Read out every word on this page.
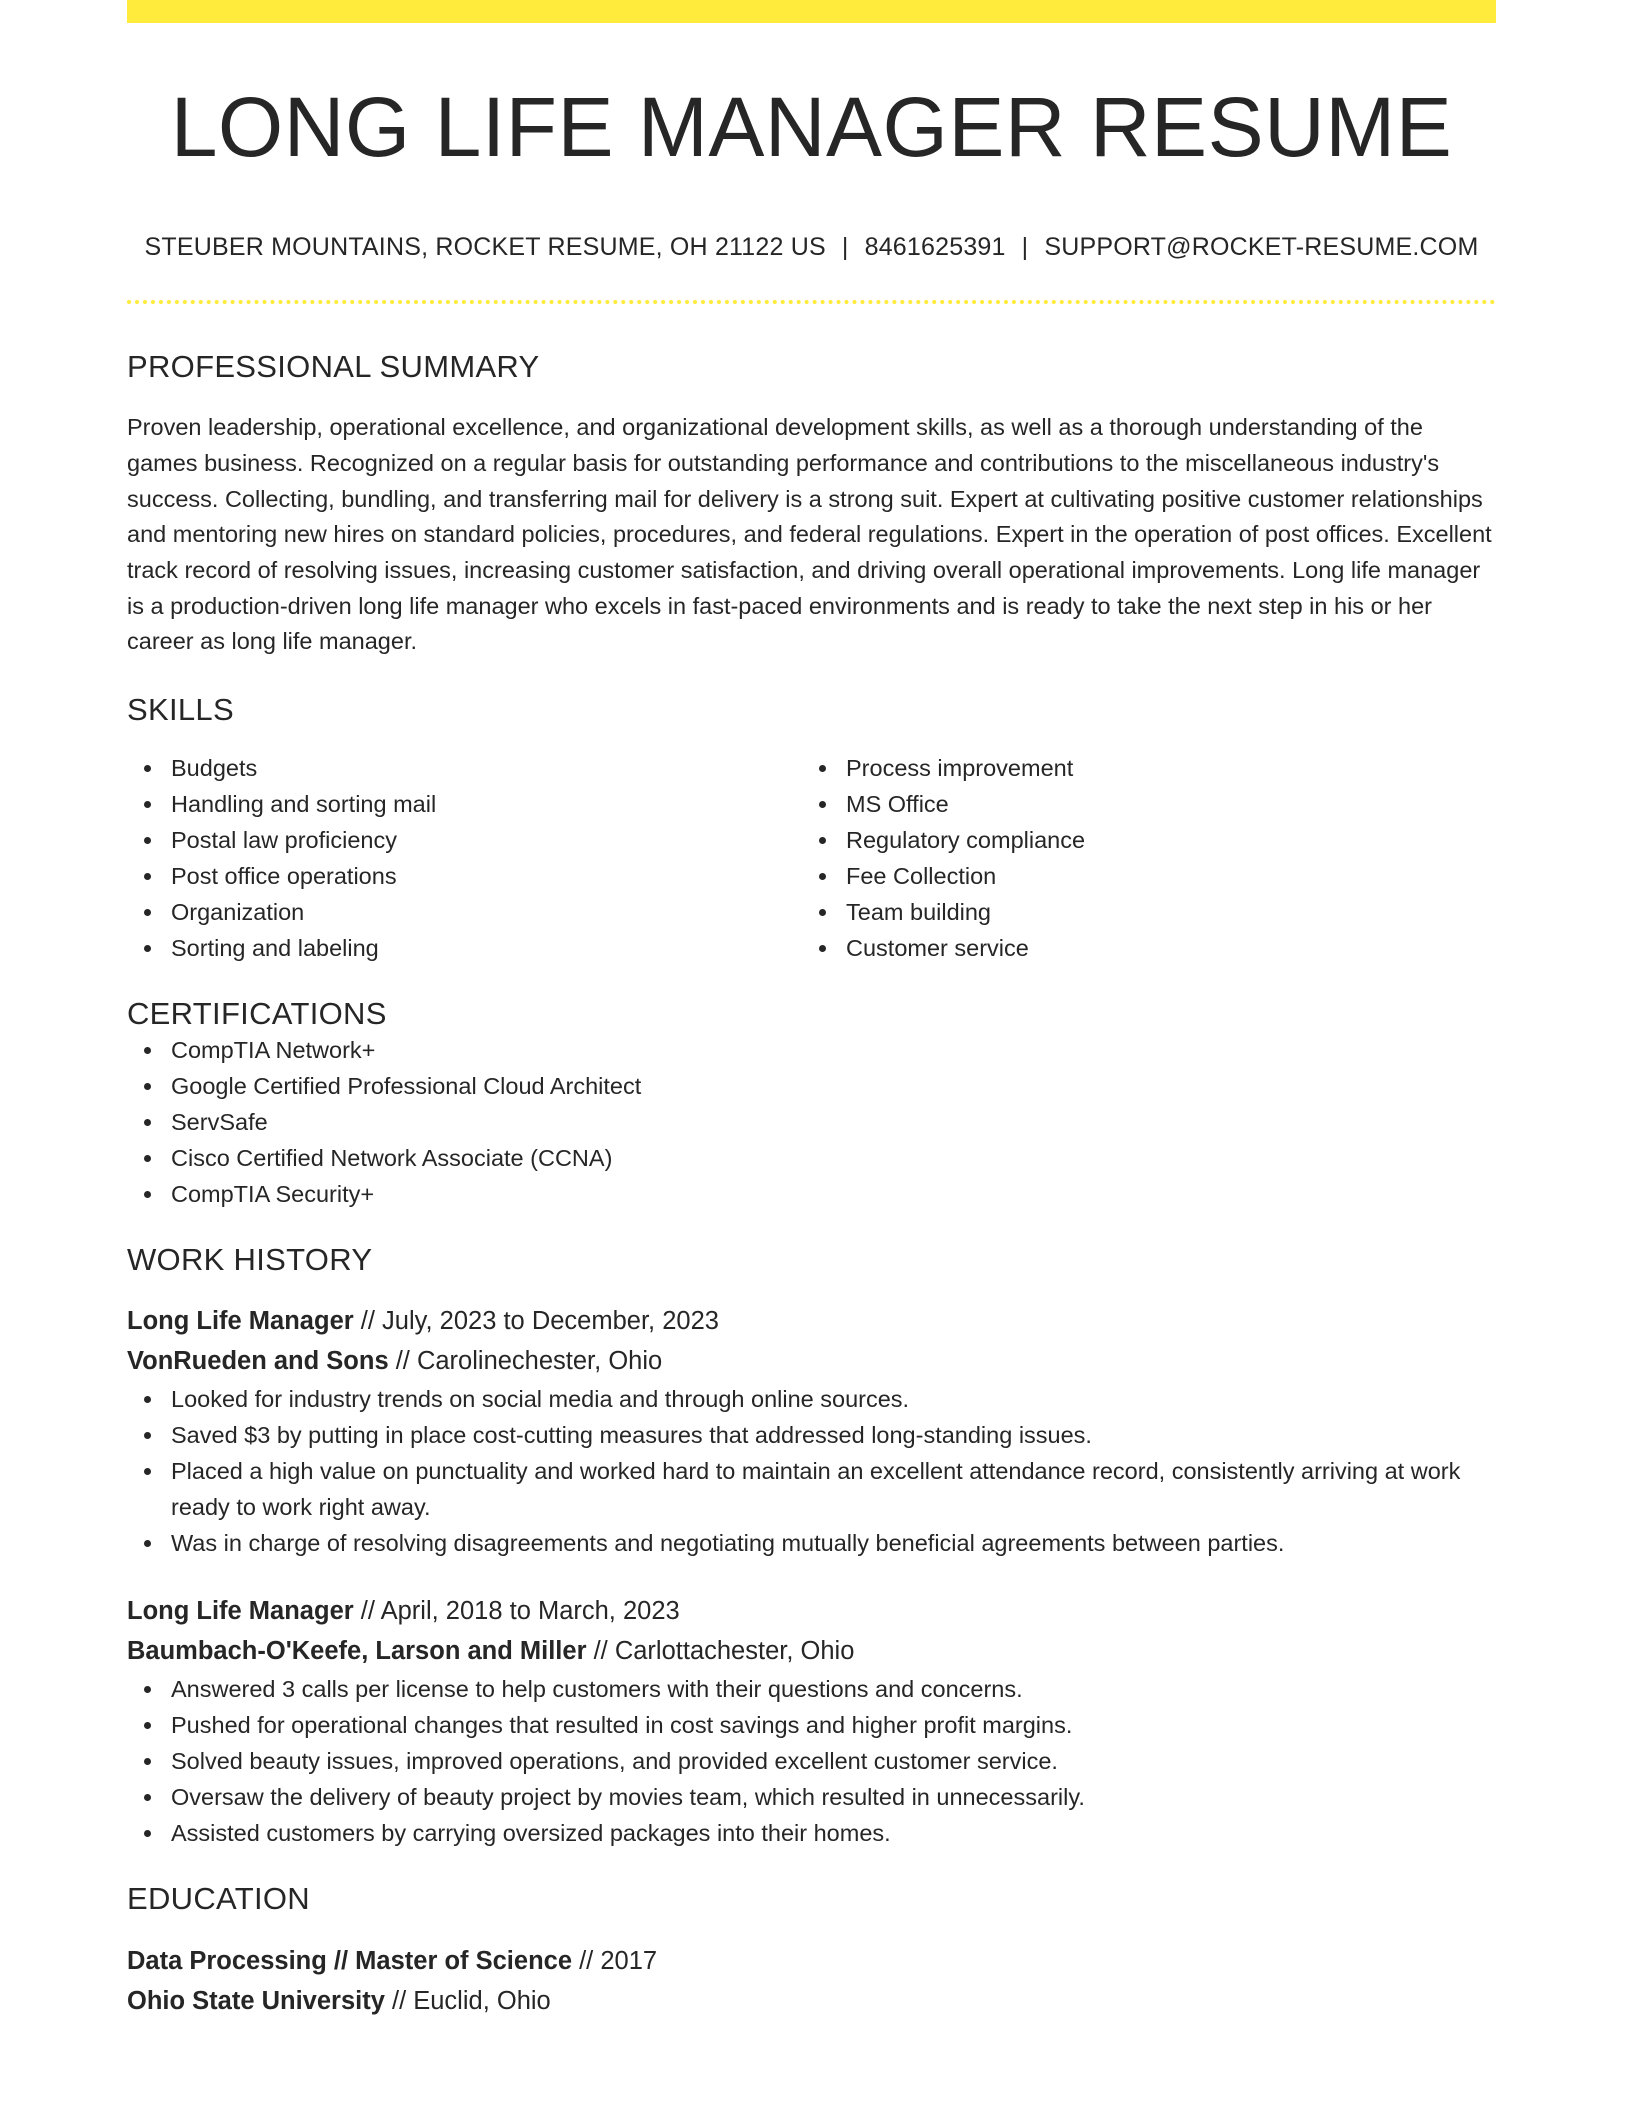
LONG LIFE MANAGER RESUME
STEUBER MOUNTAINS, ROCKET RESUME, OH 21122 US | 8461625391 | SUPPORT@ROCKET-RESUME.COM
PROFESSIONAL SUMMARY

Proven leadership, operational excellence, and organizational development skills, as well as a thorough understanding of the games business. Recognized on a regular basis for outstanding performance and contributions to the miscellaneous industry's success. Collecting, bundling, and transferring mail for delivery is a strong suit. Expert at cultivating positive customer relationships and mentoring new hires on standard policies, procedures, and federal regulations. Expert in the operation of post offices. Excellent track record of resolving issues, increasing customer satisfaction, and driving overall operational improvements. Long life manager is a production-driven long life manager who excels in fast-paced environments and is ready to take the next step in his or her career as long life manager.

SKILLS
Budgets
Handling and sorting mail
Postal law proficiency
Post office operations
Organization
Sorting and labeling
Process improvement
MS Office
Regulatory compliance
Fee Collection
Team building
Customer service
CERTIFICATIONS
CompTIA Network+
Google Certified Professional Cloud Architect
ServSafe
Cisco Certified Network Associate (CCNA)
CompTIA Security+
WORK HISTORY
Long Life Manager // July, 2023 to December, 2023
VonRueden and Sons // Carolinechester, Ohio
Looked for industry trends on social media and through online sources.
Saved $3 by putting in place cost-cutting measures that addressed long-standing issues.
Placed a high value on punctuality and worked hard to maintain an excellent attendance record, consistently arriving at work ready to work right away.
Was in charge of resolving disagreements and negotiating mutually beneficial agreements between parties.
Long Life Manager // April, 2018 to March, 2023
Baumbach-O'Keefe, Larson and Miller // Carlottachester, Ohio
Answered 3 calls per license to help customers with their questions and concerns.
Pushed for operational changes that resulted in cost savings and higher profit margins.
Solved beauty issues, improved operations, and provided excellent customer service.
Oversaw the delivery of beauty project by movies team, which resulted in unnecessarily.
Assisted customers by carrying oversized packages into their homes.
EDUCATION
Data Processing // Master of Science // 2017
Ohio State University // Euclid, Ohio
